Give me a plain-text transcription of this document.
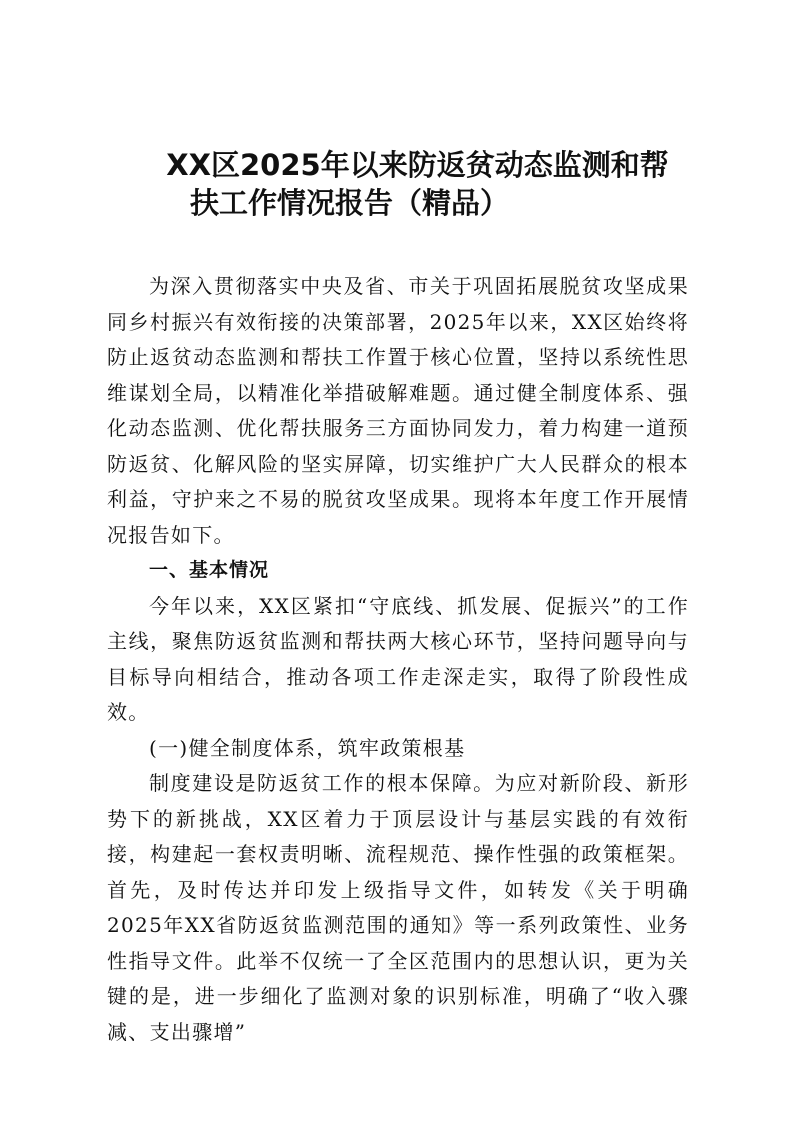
XX区2025年以来防返贫动态监测和帮
扶工作情况报告（精品）

为深入贯彻落实中央及省、市关于巩固拓展脱贫攻坚成果同乡村振兴有效衔接的决策部署，2025年以来，XX区始终将防止返贫动态监测和帮扶工作置于核心位置，坚持以系统性思维谋划全局，以精准化举措破解难题。通过健全制度体系、强化动态监测、优化帮扶服务三方面协同发力，着力构建一道预防返贫、化解风险的坚实屏障，切实维护广大人民群众的根本利益，守护来之不易的脱贫攻坚成果。现将本年度工作开展情况报告如下。

一、基本情况

今年以来，XX区紧扣“守底线、抓发展、促振兴”的工作主线，聚焦防返贫监测和帮扶两大核心环节，坚持问题导向与目标导向相结合，推动各项工作走深走实，取得了阶段性成效。

(一)健全制度体系，筑牢政策根基

制度建设是防返贫工作的根本保障。为应对新阶段、新形势下的新挑战，XX区着力于顶层设计与基层实践的有效衔接，构建起一套权责明晰、流程规范、操作性强的政策框架。首先，及时传达并印发上级指导文件，如转发《关于明确2025年XX省防返贫监测范围的通知》等一系列政策性、业务性指导文件。此举不仅统一了全区范围内的思想认识，更为关键的是，进一步细化了监测对象的识别标准，明确了“收入骤减、支出骤增”
